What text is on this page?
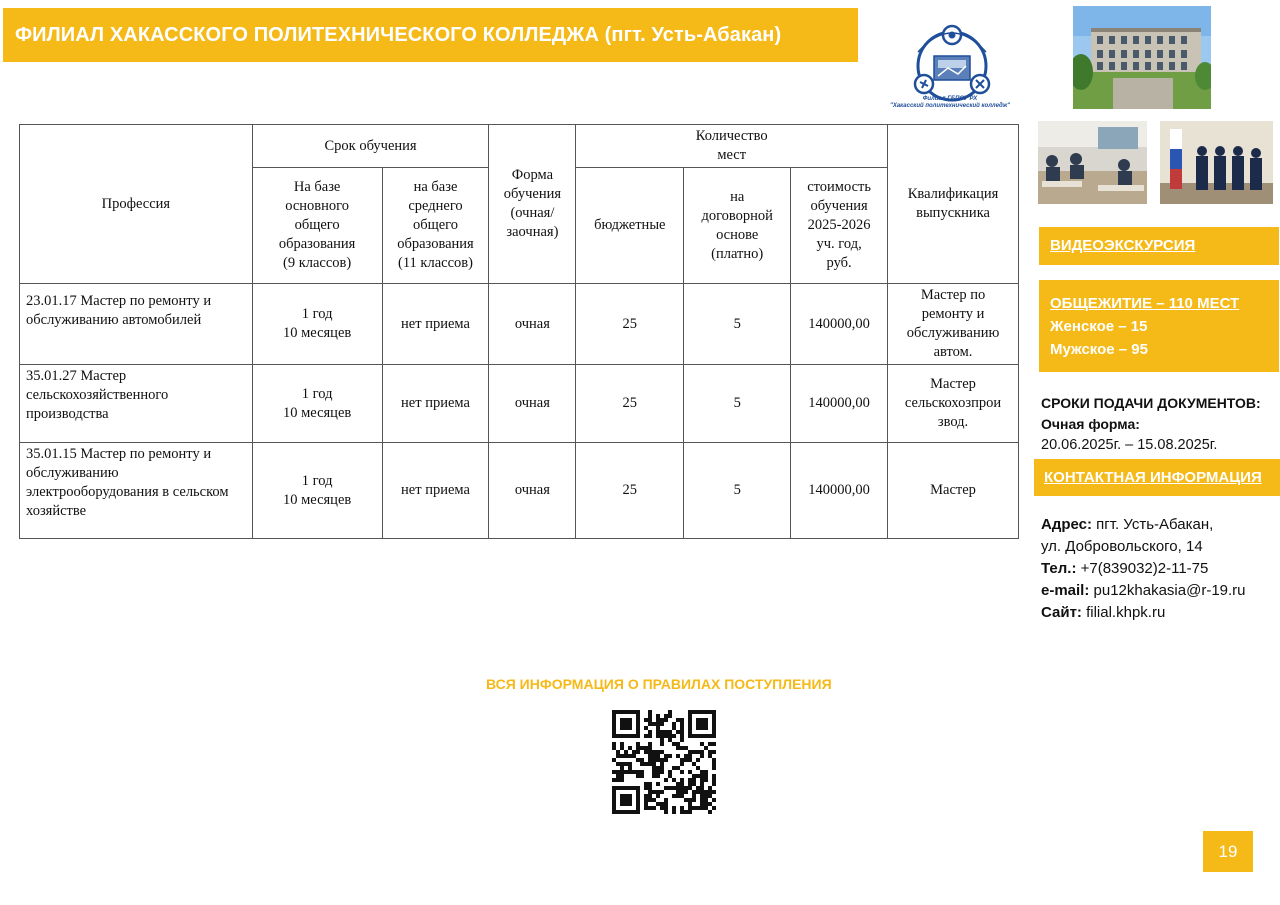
ФИЛИАЛ ХАКАССКОГО ПОЛИТЕХНИЧЕСКОГО КОЛЛЕДЖА (пгт. Усть-Абакан)
Филиал ГБПОУ РХ
"Хакасский политехнический колледж"
Профессия	Срок обучения		Форма
обучения
(очная/
заочная)	Количество
мест			Квалификация
выпускника
	На базе
основного
общего
образования
(9 классов)	на базе
среднего
общего
образования
(11 классов)		бюджетные	на
договорной
основе
(платно)	стоимость
обучения
2025-2026
уч. год,
руб.	
23.01.17 Мастер по ремонту и обслуживанию автомобилей	1 год
10 месяцев	нет приема	очная	25	5	140000,00	Мастер по
ремонту и
обслуживанию
автом.
35.01.27 Мастер
сельскохозяйственного
производства	1 год
10 месяцев	нет приема	очная	25	5	140000,00	Мастер
сельскохозпрои
звод.
35.01.15 Мастер по ремонту и обслуживанию электрооборудования в сельском хозяйстве	1 год
10 месяцев	нет приема	очная	25	5	140000,00	Мастер
ВИДЕОЭКСКУРСИЯ
ОБЩЕЖИТИЕ – 110 МЕСТ
Женское – 15
Мужское – 95
СРОКИ ПОДАЧИ ДОКУМЕНТОВ:
Очная форма:
20.06.2025г. – 15.08.2025г.
КОНТАКТНАЯ ИНФОРМАЦИЯ
Адрес: пгт. Усть-Абакан,
ул. Добровольского, 14
Тел.: +7(839032)2-11-75
e-mail: pu12khakasia@r-19.ru
Сайт: filial.khpk.ru
ВСЯ ИНФОРМАЦИЯ О ПРАВИЛАХ ПОСТУПЛЕНИЯ
19
